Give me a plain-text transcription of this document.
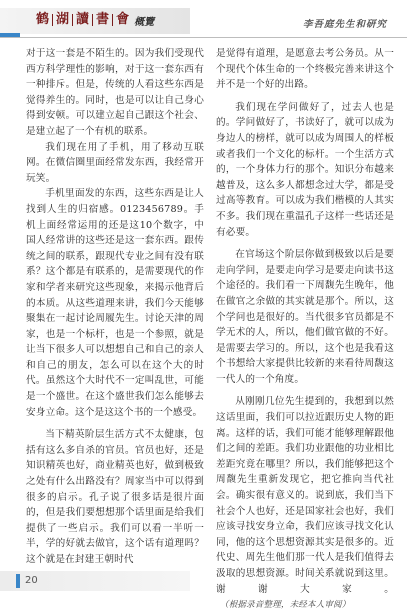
鹤 湖 讀 書 會 概覽	李吾庭先生和研究

对于这一套是不陌生的。因为我们受现代西方科学理性的影响，对于这一套东西有一种排斥。但是，传统的人看这些东西是觉得养生的。同时，也是可以让自己身心得到安顿。可以建立起自己跟这个社会、是建立起了一个有机的联系。

我们现在用了手机，用了移动互联网。在微信圈里面经常发东西，我经常开玩笑。

手机里面发的东西，这些东西是让人找到人生的归宿感。0123456789。手机上面经常运用的还是这10个数字，中国人经常讲的这些还是这一套东西。跟传统之间的联系，跟现代专业之间有没有联系？这个都是有联系的，是需要现代的作家和学者来研究这些现象，来揭示他背后的本质。从这些道理来讲，我们今天能够聚集在一起讨论周履先生。讨论天津的周家，也是一个标杆，也是一个参照，就是让当下很多人可以想想自己和自己的亲人和自己的朋友，怎么可以在这个大的时代。虽然这个大时代不一定叫乱世，可能是一个盛世。在这个盛世我们怎么能够去安身立命。这个是这这个书的一个感受。

当下精英阶层生活方式不太健康，包括有这么多自杀的官员。官员也好，还是知识精英也好，商业精英也好，做到极致之处有什么出路没有？周家当中可以得到很多的启示。孔子说了很多话是很片面的，但是我们要想想那个话里面是给我们提供了一些启示。我们可以看一半听一半，学的好就去做官，这个话有道理吗？这个就是在封建王朝时代

是觉得有道理，是愿意去考公务员。从一个现代个体生命的一个终极完善来讲这个并不是一个好的出路。

我们现在学问做好了，过去人也是的。学问做好了，书读好了，就可以成为身边人的榜样，就可以成为周围人的样板或者我们一个文化的标杆。一个生活方式的，一个身体力行的那个。知识分布越来越普及，这么多人都想念过大学，都是受过高等教育。可以成为我们楷模的人其实不多。我们现在重温孔子这样一些话还是有必要。

在官场这个阶层你做到极致以后是要走向学问，是要走向学习是要走向读书这个途径的。我们看一下周馥先生晚年，他在做官之余做的其实就是那个。所以，这个学问也是很好的。当代很多官员都是不学无术的人，所以，他们做官做的不好。是需要去学习的。所以，这个也是我看这个书想给大家提供比较新的来看待周馥这一代人的一个角度。

从刚刚几位先生提到的，我想到以然这话里面，我们可以拉近跟历史人物的距离。这样的话，我们可能才能够理解跟他们之间的差距。我们功业跟他的功业相比差距究竟在哪里？所以，我们能够把这个周馥先生重新发现它，把它推向当代社会。确实很有意义的。说到底，我们当下社会个人也好，还是国家社会也好，我们应该寻找安身立命，我们应该寻找文化认同，他的这个思想资源其实是很多的。近代史、周先生他们那一代人是我们值得去汲取的思想资源。时间关系就说到这里。谢谢大家。（根据录音整理，未经本人审阅）

20
